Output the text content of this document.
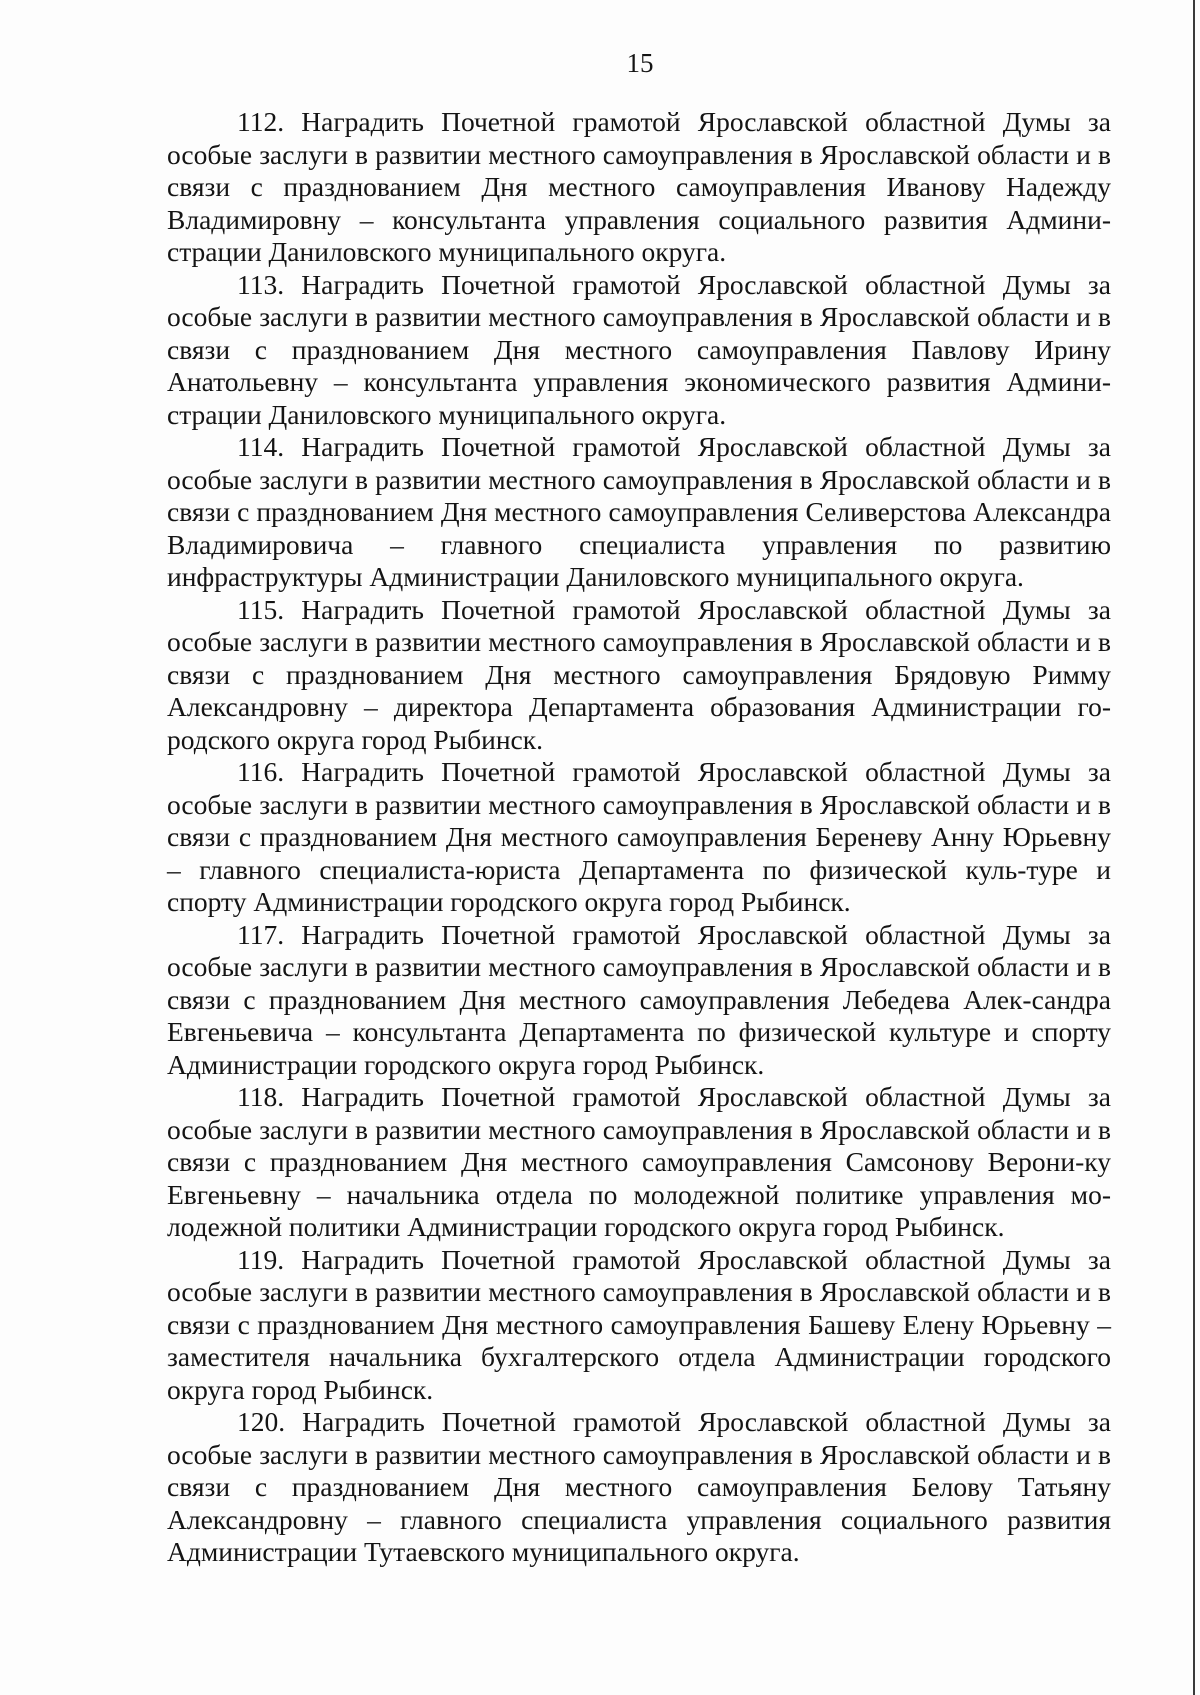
15

112. Наградить Почетной грамотой Ярославской областной Думы за особые заслуги в развитии местного самоуправления в Ярославской области и в связи с празднованием Дня местного самоуправления Иванову Надежду Владимировну – консультанта управления социального развития Админи-страции Даниловского муниципального округа.

113. Наградить Почетной грамотой Ярославской областной Думы за особые заслуги в развитии местного самоуправления в Ярославской области и в связи с празднованием Дня местного самоуправления Павлову Ирину Анатольевну – консультанта управления экономического развития Админи-страции Даниловского муниципального округа.

114. Наградить Почетной грамотой Ярославской областной Думы за особые заслуги в развитии местного самоуправления в Ярославской области и в связи с празднованием Дня местного самоуправления Селиверстова Александра Владимировича – главного специалиста управления по развитию инфраструктуры Администрации Даниловского муниципального округа.

115. Наградить Почетной грамотой Ярославской областной Думы за особые заслуги в развитии местного самоуправления в Ярославской области и в связи с празднованием Дня местного самоуправления Брядовую Римму Александровну – директора Департамента образования Администрации го-родского округа город Рыбинск.

116. Наградить Почетной грамотой Ярославской областной Думы за особые заслуги в развитии местного самоуправления в Ярославской области и в связи с празднованием Дня местного самоуправления Береневу Анну Юрьевну – главного специалиста-юриста Департамента по физической куль-туре и спорту Администрации городского округа город Рыбинск.

117. Наградить Почетной грамотой Ярославской областной Думы за особые заслуги в развитии местного самоуправления в Ярославской области и в связи с празднованием Дня местного самоуправления Лебедева Алек-сандра Евгеньевича – консультанта Департамента по физической культуре и спорту Администрации городского округа город Рыбинск.

118. Наградить Почетной грамотой Ярославской областной Думы за особые заслуги в развитии местного самоуправления в Ярославской области и в связи с празднованием Дня местного самоуправления Самсонову Верони-ку Евгеньевну – начальника отдела по молодежной политике управления мо-лодежной политики Администрации городского округа город Рыбинск.

119. Наградить Почетной грамотой Ярославской областной Думы за особые заслуги в развитии местного самоуправления в Ярославской области и в связи с празднованием Дня местного самоуправления Башеву Елену Юрьевну – заместителя начальника бухгалтерского отдела Администрации городского округа город Рыбинск.

120. Наградить Почетной грамотой Ярославской областной Думы за особые заслуги в развитии местного самоуправления в Ярославской области и в связи с празднованием Дня местного самоуправления Белову Татьяну Александровну – главного специалиста управления социального развития Администрации Тутаевского муниципального округа.
